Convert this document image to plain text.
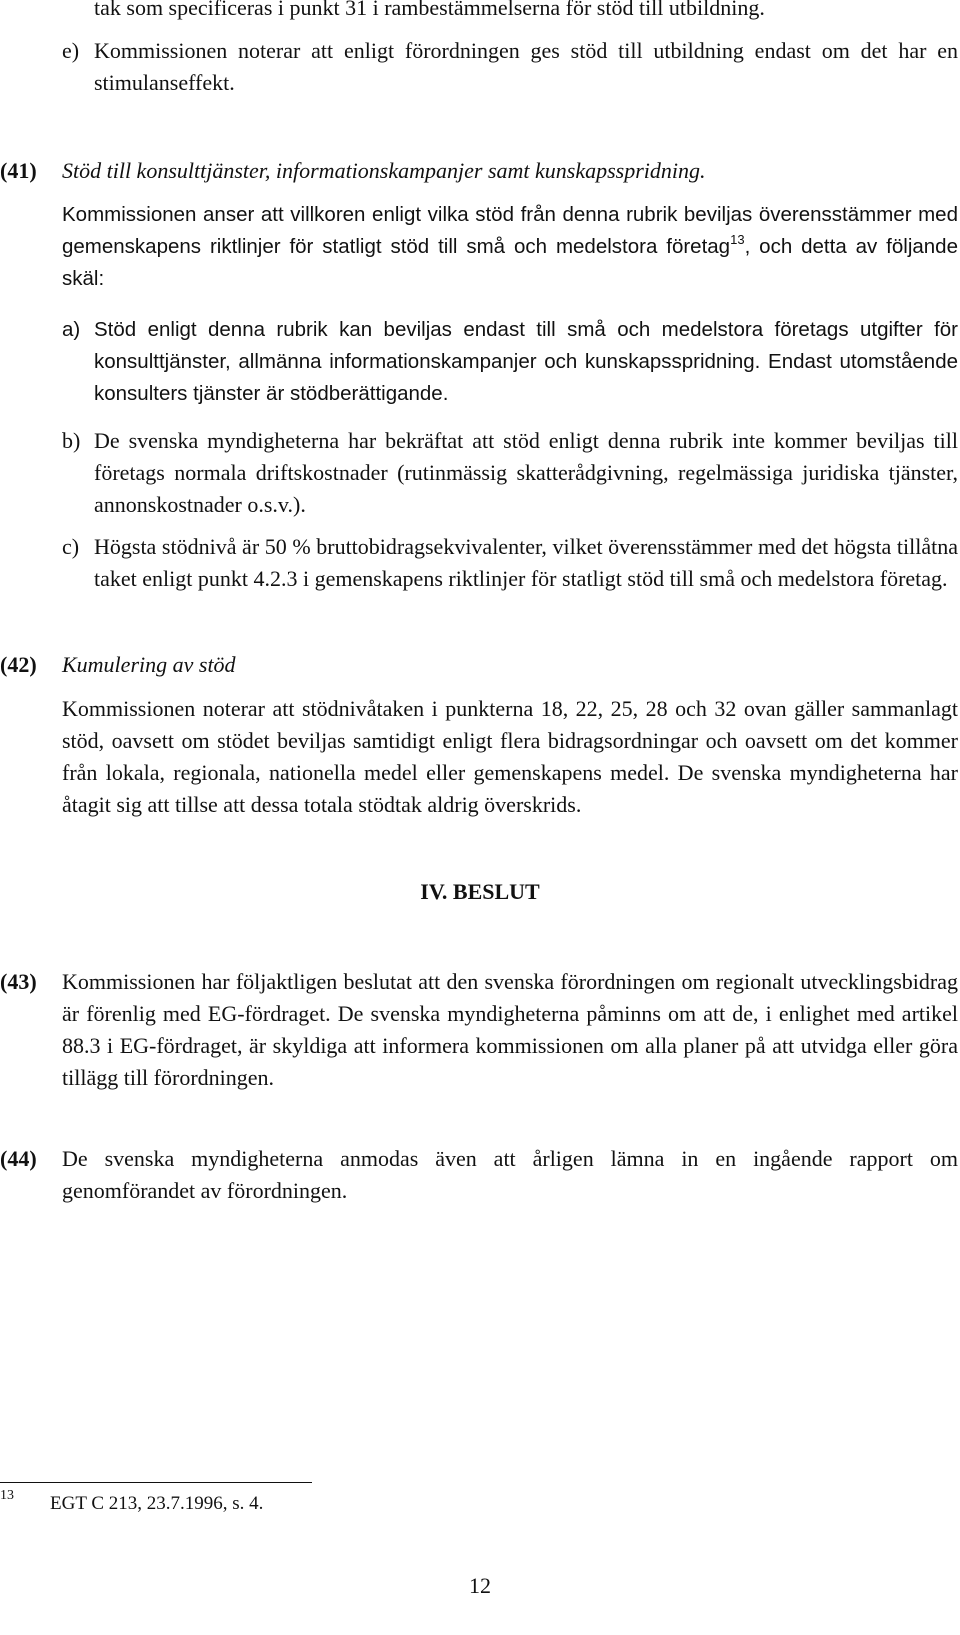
tak som specificeras i punkt 31 i rambestämmelserna för stöd till utbildning.
e) Kommissionen noterar att enligt förordningen ges stöd till utbildning endast om det har en stimulanseffekt.
(41) Stöd till konsulttjänster, informationskampanjer samt kunskapsspridning.
Kommissionen anser att villkoren enligt vilka stöd från denna rubrik beviljas överensstämmer med gemenskapens riktlinjer för statligt stöd till små och medelstora företag$^{13}$, och detta av följande skäl:
a) Stöd enligt denna rubrik kan beviljas endast till små och medelstora företags utgifter för konsulttjänster, allmänna informationskampanjer och kunskapsspridning. Endast utomstående konsulters tjänster är stödberättigande.
b) De svenska myndigheterna har bekräftat att stöd enligt denna rubrik inte kommer beviljas till företags normala driftskostnader (rutinmässig skatterådgivning, regelmässiga juridiska tjänster, annonskostnader o.s.v.).
c) Högsta stödnivå är 50 % bruttobidragsekvivalenter, vilket överensstämmer med det högsta tillåtna taket enligt punkt 4.2.3 i gemenskapens riktlinjer för statligt stöd till små och medelstora företag.
(42) Kumulering av stöd
Kommissionen noterar att stödnivåtaken i punkterna 18, 22, 25, 28 och 32 ovan gäller sammanlagt stöd, oavsett om stödet beviljas samtidigt enligt flera bidragsordningar och oavsett om det kommer från lokala, regionala, nationella medel eller gemenskapens medel. De svenska myndigheterna har åtagit sig att tillse att dessa totala stödtak aldrig överskrids.
IV. BESLUT
(43) Kommissionen har följaktligen beslutat att den svenska förordningen om regionalt utvecklingsbidrag är förenlig med EG-fördraget. De svenska myndigheterna påminns om att de, i enlighet med artikel 88.3 i EG-fördraget, är skyldiga att informera kommissionen om alla planer på att utvidga eller göra tillägg till förordningen.
(44) De svenska myndigheterna anmodas även att årligen lämna in en ingående rapport om genomförandet av förordningen.
13 EGT C 213, 23.7.1996, s. 4.
12
